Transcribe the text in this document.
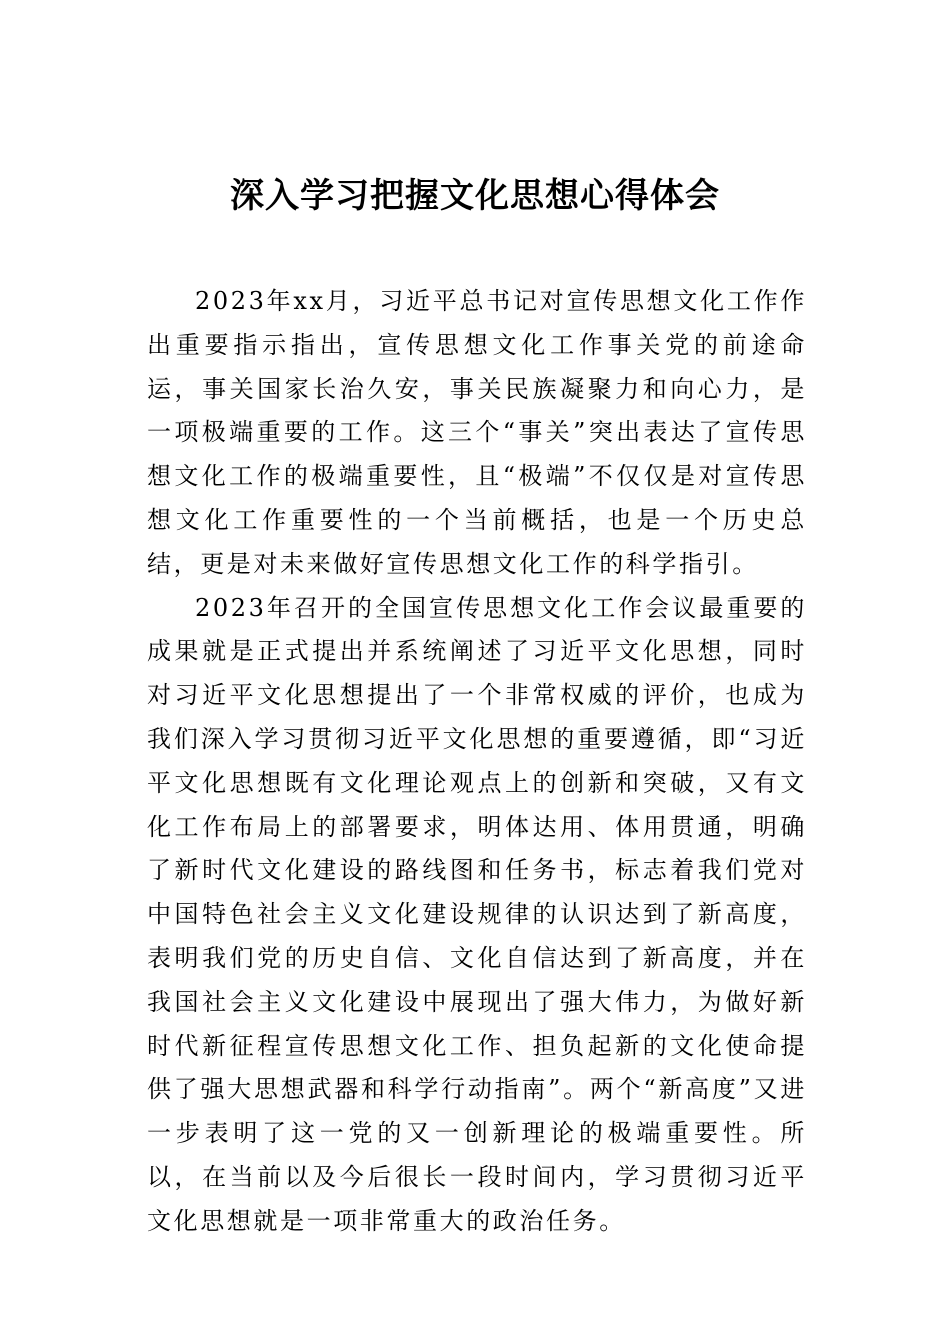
深入学习把握文化思想心得体会

2023年xx月，习近平总书记对宣传思想文化工作作出重要指示指出，宣传思想文化工作事关党的前途命运，事关国家长治久安，事关民族凝聚力和向心力，是一项极端重要的工作。这三个“事关”突出表达了宣传思想文化工作的极端重要性，且“极端”不仅仅是对宣传思想文化工作重要性的一个当前概括，也是一个历史总结，更是对未来做好宣传思想文化工作的科学指引。

2023年召开的全国宣传思想文化工作会议最重要的成果就是正式提出并系统阐述了习近平文化思想，同时对习近平文化思想提出了一个非常权威的评价，也成为我们深入学习贯彻习近平文化思想的重要遵循，即“习近平文化思想既有文化理论观点上的创新和突破，又有文化工作布局上的部署要求，明体达用、体用贯通，明确了新时代文化建设的路线图和任务书，标志着我们党对中国特色社会主义文化建设规律的认识达到了新高度，表明我们党的历史自信、文化自信达到了新高度，并在我国社会主义文化建设中展现出了强大伟力，为做好新时代新征程宣传思想文化工作、担负起新的文化使命提供了强大思想武器和科学行动指南”。两个“新高度”又进一步表明了这一党的又一创新理论的极端重要性。所以，在当前以及今后很长一段时间内，学习贯彻习近平文化思想就是一项非常重大的政治任务。
